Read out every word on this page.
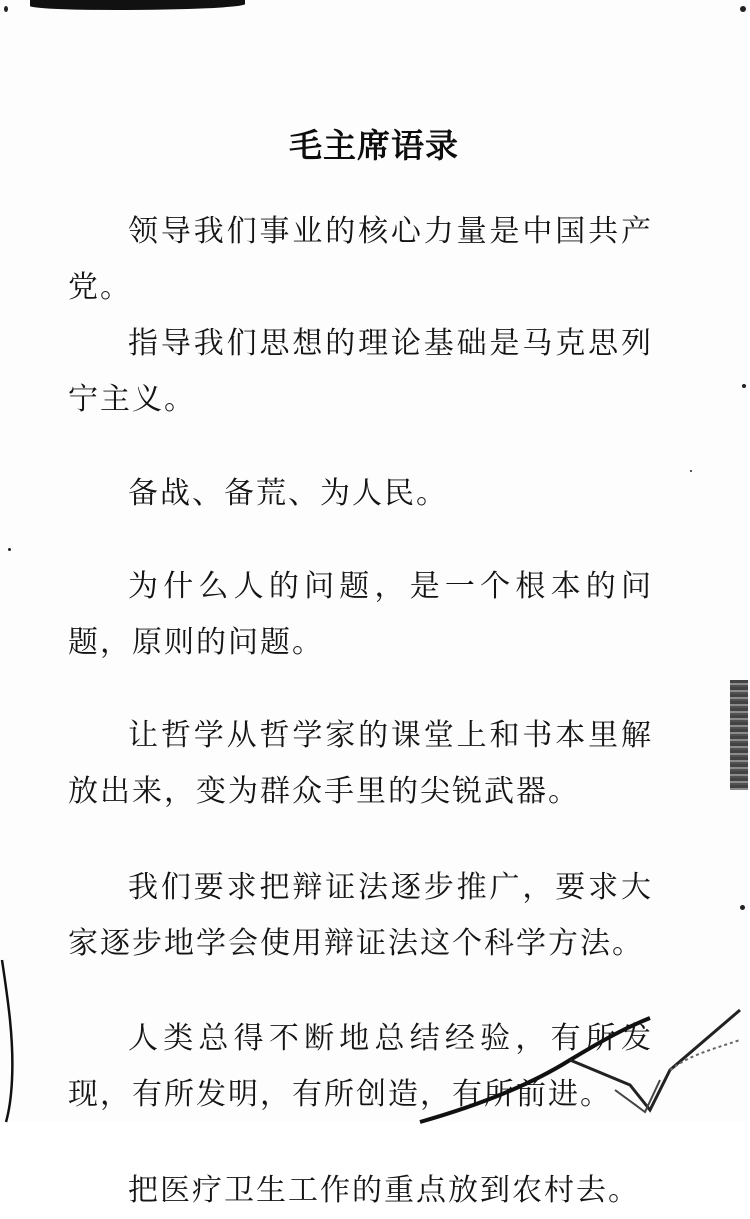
毛主席语录

领导我们事业的核心力量是中国共产党。

指导我们思想的理论基础是马克思列宁主义。

备战、备荒、为人民。

为什么人的问题，是一个根本的问题，原则的问题。

让哲学从哲学家的课堂上和书本里解放出来，变为群众手里的尖锐武器。

我们要求把辩证法逐步推广，要求大家逐步地学会使用辩证法这个科学方法。

人类总得不断地总结经验，有所发现，有所发明，有所创造，有所前进。

把医疗卫生工作的重点放到农村去。
